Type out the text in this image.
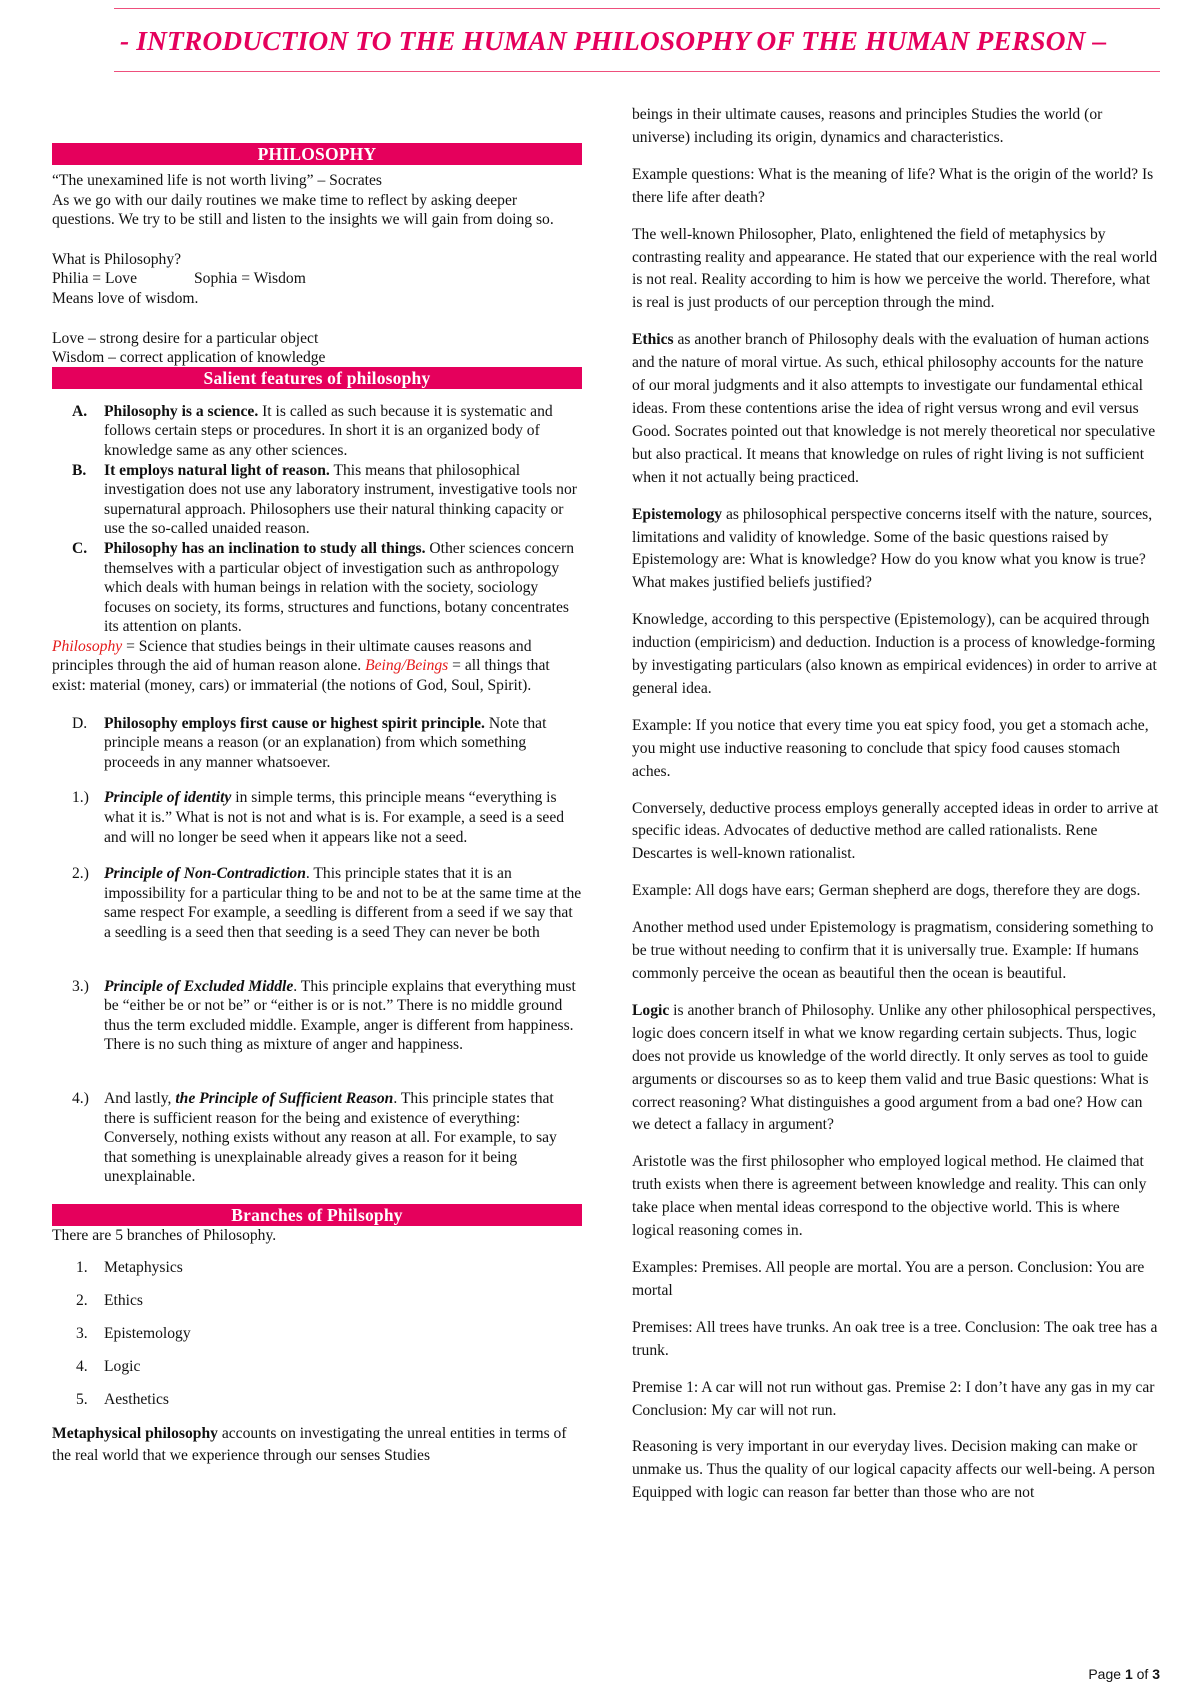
- INTRODUCTION TO THE HUMAN PHILOSOPHY OF THE HUMAN PERSON –
PHILOSOPHY

“The unexamined life is not worth living” – Socrates

As we go with our daily routines we make time to reflect by asking deeper questions. We try to be still and listen to the insights we will gain from doing so.

What is Philosophy?

Philia = Love	Sophia = Wisdom

Means love of wisdom.

Love – strong desire for a particular object

Wisdom – correct application of knowledge

Salient features of philosophy
A.	Philosophy is a science. It is called as such because it is systematic and follows certain steps or procedures. In short it is an organized body of knowledge same as any other sciences.
B.	It employs natural light of reason. This means that philosophical investigation does not use any laboratory instrument, investigative tools nor supernatural approach. Philosophers use their natural thinking capacity or use the so-called unaided reason.
C.	Philosophy has an inclination to study all things. Other sciences concern themselves with a particular object of investigation such as anthropology which deals with human beings in relation with the society, sociology focuses on society, its forms, structures and functions, botany concentrates its attention on plants.

Philosophy = Science that studies beings in their ultimate causes reasons and principles through the aid of human reason alone. Being/Beings = all things that exist: material (money, cars) or immaterial (the notions of God, Soul, Spirit).

D.	Philosophy employs first cause or highest spirit principle. Note that principle means a reason (or an explanation) from which something proceeds in any manner whatsoever.
1.) Principle of identity in simple terms, this principle means “everything is what it is.” What is not is not and what is is. For example, a seed is a seed and will no longer be seed when it appears like not a seed.
2.) Principle of Non-Contradiction. This principle states that it is an impossibility for a particular thing to be and not to be at the same time at the same respect For example, a seedling is different from a seed if we say that a seedling is a seed then that seeding is a seed They can never be both
3.) Principle of Excluded Middle. This principle explains that everything must be “either be or not be” or “either is or is not.” There is no middle ground thus the term excluded middle. Example, anger is different from happiness. There is no such thing as mixture of anger and happiness.
4.) And lastly, the Principle of Sufficient Reason. This principle states that there is sufficient reason for the being and existence of everything: Conversely, nothing exists without any reason at all. For example, to say that something is unexplainable already gives a reason for it being unexplainable.
Branches of Philsophy

There are 5 branches of Philosophy.

1.	Metaphysics
2.	Ethics
3.	Epistemology
4.	Logic
5.	Aesthetics

Metaphysical philosophy accounts on investigating the unreal entities in terms of the real world that we experience through our senses Studies

beings in their ultimate causes, reasons and principles Studies the world (or universe) including its origin, dynamics and characteristics.

Example questions: What is the meaning of life? What is the origin of the world? Is there life after death?

The well-known Philosopher, Plato, enlightened the field of metaphysics by contrasting reality and appearance. He stated that our experience with the real world is not real. Reality according to him is how we perceive the world. Therefore, what is real is just products of our perception through the mind.

Ethics as another branch of Philosophy deals with the evaluation of human actions and the nature of moral virtue. As such, ethical philosophy accounts for the nature of our moral judgments and it also attempts to investigate our fundamental ethical ideas. From these contentions arise the idea of right versus wrong and evil versus Good. Socrates pointed out that knowledge is not merely theoretical nor speculative but also practical. It means that knowledge on rules of right living is not sufficient when it not actually being practiced.

Epistemology as philosophical perspective concerns itself with the nature, sources, limitations and validity of knowledge. Some of the basic questions raised by Epistemology are: What is knowledge? How do you know what you know is true? What makes justified beliefs justified?

Knowledge, according to this perspective (Epistemology), can be acquired through induction (empiricism) and deduction. Induction is a process of knowledge-forming by investigating particulars (also known as empirical evidences) in order to arrive at general idea.

Example: If you notice that every time you eat spicy food, you get a stomach ache, you might use inductive reasoning to conclude that spicy food causes stomach aches.

Conversely, deductive process employs generally accepted ideas in order to arrive at specific ideas. Advocates of deductive method are called rationalists. Rene Descartes is well-known rationalist.

Example: All dogs have ears; German shepherd are dogs, therefore they are dogs.

Another method used under Epistemology is pragmatism, considering something to be true without needing to confirm that it is universally true. Example: If humans commonly perceive the ocean as beautiful then the ocean is beautiful.

Logic is another branch of Philosophy. Unlike any other philosophical perspectives, logic does concern itself in what we know regarding certain subjects. Thus, logic does not provide us knowledge of the world directly. It only serves as tool to guide arguments or discourses so as to keep them valid and true Basic questions: What is correct reasoning? What distinguishes a good argument from a bad one? How can we detect a fallacy in argument?

Aristotle was the first philosopher who employed logical method. He claimed that truth exists when there is agreement between knowledge and reality. This can only take place when mental ideas correspond to the objective world. This is where logical reasoning comes in.

Examples: Premises. All people are mortal. You are a person. Conclusion: You are mortal

Premises: All trees have trunks. An oak tree is a tree. Conclusion: The oak tree has a trunk.

Premise 1: A car will not run without gas. Premise 2: I don’t have any gas in my car Conclusion: My car will not run.

Reasoning is very important in our everyday lives. Decision making can make or unmake us. Thus the quality of our logical capacity affects our well-being. A person Equipped with logic can reason far better than those who are not

Page 1 of 3
